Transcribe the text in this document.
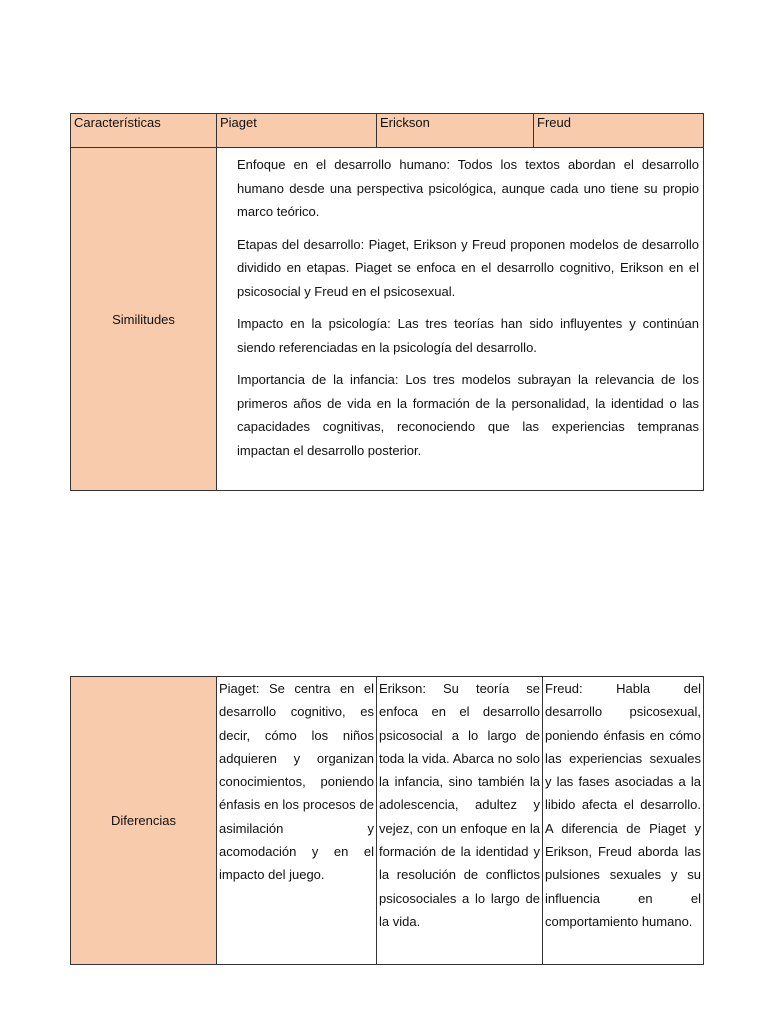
Características	Piaget	Erickson	Freud
Similitudes	Enfoque en el desarrollo humano: Todos los textos abordan el desarrollo humano desde una perspectiva psicológica, aunque cada uno tiene su propio marco teórico.

Etapas del desarrollo: Piaget, Erikson y Freud proponen modelos de desarrollo dividido en etapas. Piaget se enfoca en el desarrollo cognitivo, Erikson en el psicosocial y Freud en el psicosexual.

Impacto en la psicología: Las tres teorías han sido influyentes y continúan siendo referenciadas en la psicología del desarrollo.

Importancia de la infancia: Los tres modelos subrayan la relevancia de los primeros años de vida en la formación de la personalidad, la identidad o las capacidades cognitivas, reconociendo que las experiencias tempranas impactan el desarrollo posterior.		

Diferencias	Piaget: Se centra en el desarrollo cognitivo, es decir, cómo los niños adquieren y organizan conocimientos, poniendo énfasis en los procesos de asimilación y acomodación y en el impacto del juego.	Erikson: Su teoría se enfoca en el desarrollo psicosocial a lo largo de toda la vida. Abarca no solo la infancia, sino también la adolescencia, adultez y vejez, con un enfoque en la formación de la identidad y la resolución de conflictos psicosociales a lo largo de la vida.	Freud: Habla del desarrollo psicosexual, poniendo énfasis en cómo las experiencias sexuales y las fases asociadas a la libido afecta el desarrollo. A diferencia de Piaget y Erikson, Freud aborda las pulsiones sexuales y su influencia en el comportamiento humano.
